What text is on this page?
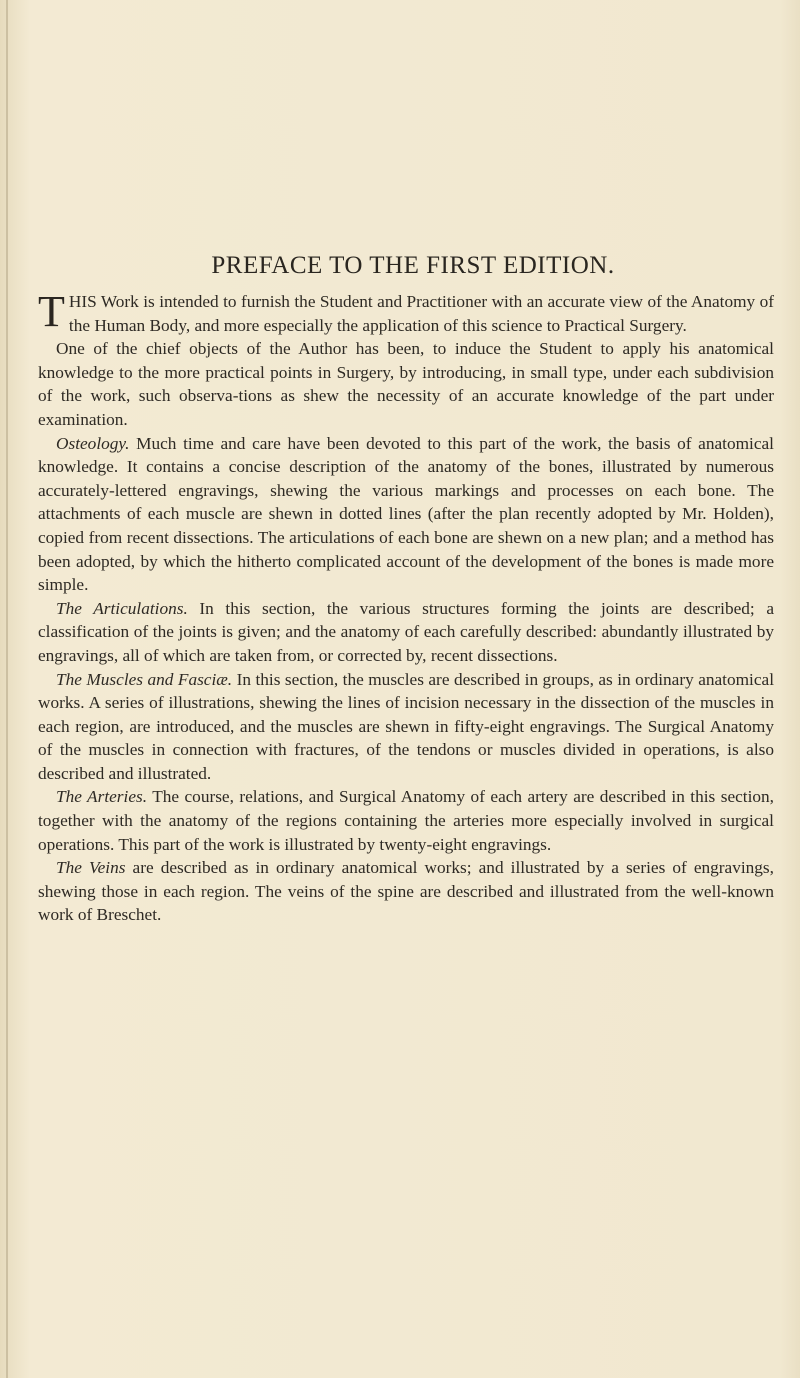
PREFACE TO THE FIRST EDITION.

THIS Work is intended to furnish the Student and Practitioner with an accurate view of the Anatomy of the Human Body, and more especially the application of this science to Practical Surgery.

One of the chief objects of the Author has been, to induce the Student to apply his anatomical knowledge to the more practical points in Surgery, by introducing, in small type, under each subdivision of the work, such observa-tions as shew the necessity of an accurate knowledge of the part under examination.

Osteology. Much time and care have been devoted to this part of the work, the basis of anatomical knowledge. It contains a concise description of the anatomy of the bones, illustrated by numerous accurately-lettered engravings, shewing the various markings and processes on each bone. The attachments of each muscle are shewn in dotted lines (after the plan recently adopted by Mr. Holden), copied from recent dissections. The articulations of each bone are shewn on a new plan; and a method has been adopted, by which the hitherto complicated account of the development of the bones is made more simple.

The Articulations. In this section, the various structures forming the joints are described; a classification of the joints is given; and the anatomy of each carefully described: abundantly illustrated by engravings, all of which are taken from, or corrected by, recent dissections.

The Muscles and Fasciæ. In this section, the muscles are described in groups, as in ordinary anatomical works. A series of illustrations, shewing the lines of incision necessary in the dissection of the muscles in each region, are introduced, and the muscles are shewn in fifty-eight engravings. The Surgical Anatomy of the muscles in connection with fractures, of the tendons or muscles divided in operations, is also described and illustrated.

The Arteries. The course, relations, and Surgical Anatomy of each artery are described in this section, together with the anatomy of the regions containing the arteries more especially involved in surgical operations. This part of the work is illustrated by twenty-eight engravings.

The Veins are described as in ordinary anatomical works; and illustrated by a series of engravings, shewing those in each region. The veins of the spine are described and illustrated from the well-known work of Breschet.
